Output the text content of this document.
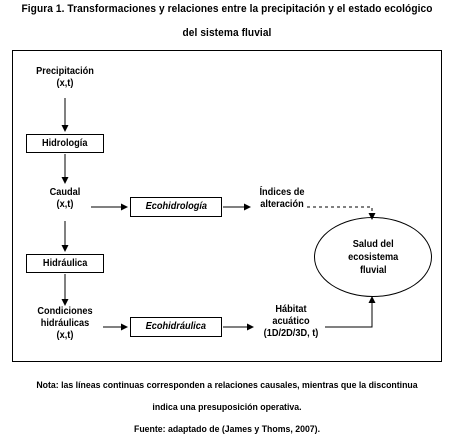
Figura 1. Transformaciones y relaciones entre la precipitación y el estado ecológico
del sistema fluvial
Precipitación
(x,t)
Hidrología
Caudal
(x,t)	Ecohidrología
Índices de
alteración
Hidráulica
Condiciones
hidráulicas
(x,t)
Ecohidráulica
Hábitat
acuático
(1D/2D/3D, t)
Salud del
ecosistema
fluvial
Nota: las líneas continuas corresponden a relaciones causales, mientras que la discontinua
indica una presuposición operativa.
Fuente: adaptado de (James y Thoms, 2007).
